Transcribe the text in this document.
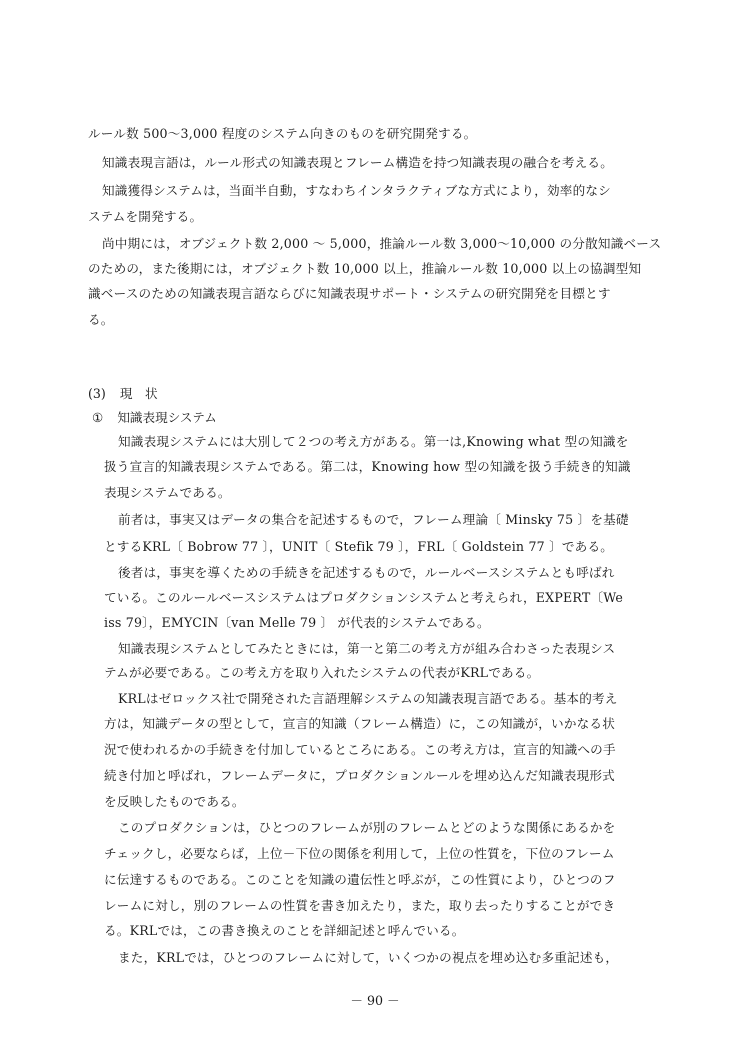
ルール数 500〜3,000 程度のシステム向きのものを研究開発する。
知識表現言語は，ルール形式の知識表現とフレーム構造を持つ知識表現の融合を考える。
知識獲得システムは，当面半自動，すなわちインタラクティブな方式により，効率的なシ
ステムを開発する。
尚中期には，オブジェクト数 2,000 〜 5,000，推論ルール数 3,000〜10,000 の分散知識ベース
のための，また後期には，オブジェクト数 10,000 以上，推論ルール数 10,000 以上の協調型知
識ベースのための知識表現言語ならびに知識表現サポート・システムの研究開発を目標とす
る。
(3) 現　状
① 知識表現システム
知識表現システムには大別して２つの考え方がある。第一は,Knowing what 型の知識を
扱う宣言的知識表現システムである。第二は，Knowing how 型の知識を扱う手続き的知識
表現システムである。
前者は，事実又はデータの集合を記述するもので，フレーム理論〔 Minsky 75 〕を基礎
とするKRL〔 Bobrow 77 〕，UNIT〔 Stefik 79 〕，FRL〔 Goldstein 77 〕である。
後者は，事実を導くための手続きを記述するもので，ルールベースシステムとも呼ばれ
ている。このルールベースシステムはプロダクションシステムと考えられ，EXPERT〔We
iss 79〕，EMYCIN〔van Melle 79 〕 が代表的システムである。
知識表現システムとしてみたときには，第一と第二の考え方が組み合わさった表現シス
テムが必要である。この考え方を取り入れたシステムの代表がKRLである。
KRLはゼロックス社で開発された言語理解システムの知識表現言語である。基本的考え
方は，知識データの型として，宣言的知識（フレーム構造）に，この知識が，いかなる状
況で使われるかの手続きを付加しているところにある。この考え方は，宣言的知識への手
続き付加と呼ばれ，フレームデータに，プロダクションルールを埋め込んだ知識表現形式
を反映したものである。
このプロダクションは，ひとつのフレームが別のフレームとどのような関係にあるかを
チェックし，必要ならば，上位－下位の関係を利用して，上位の性質を，下位のフレーム
に伝達するものである。このことを知識の遺伝性と呼ぶが，この性質により，ひとつのフ
レームに対し，別のフレームの性質を書き加えたり，また，取り去ったりすることができ
る。KRLでは，この書き換えのことを詳細記述と呼んでいる。
また，KRLでは，ひとつのフレームに対して，いくつかの視点を埋め込む多重記述も，
－ 90 －
